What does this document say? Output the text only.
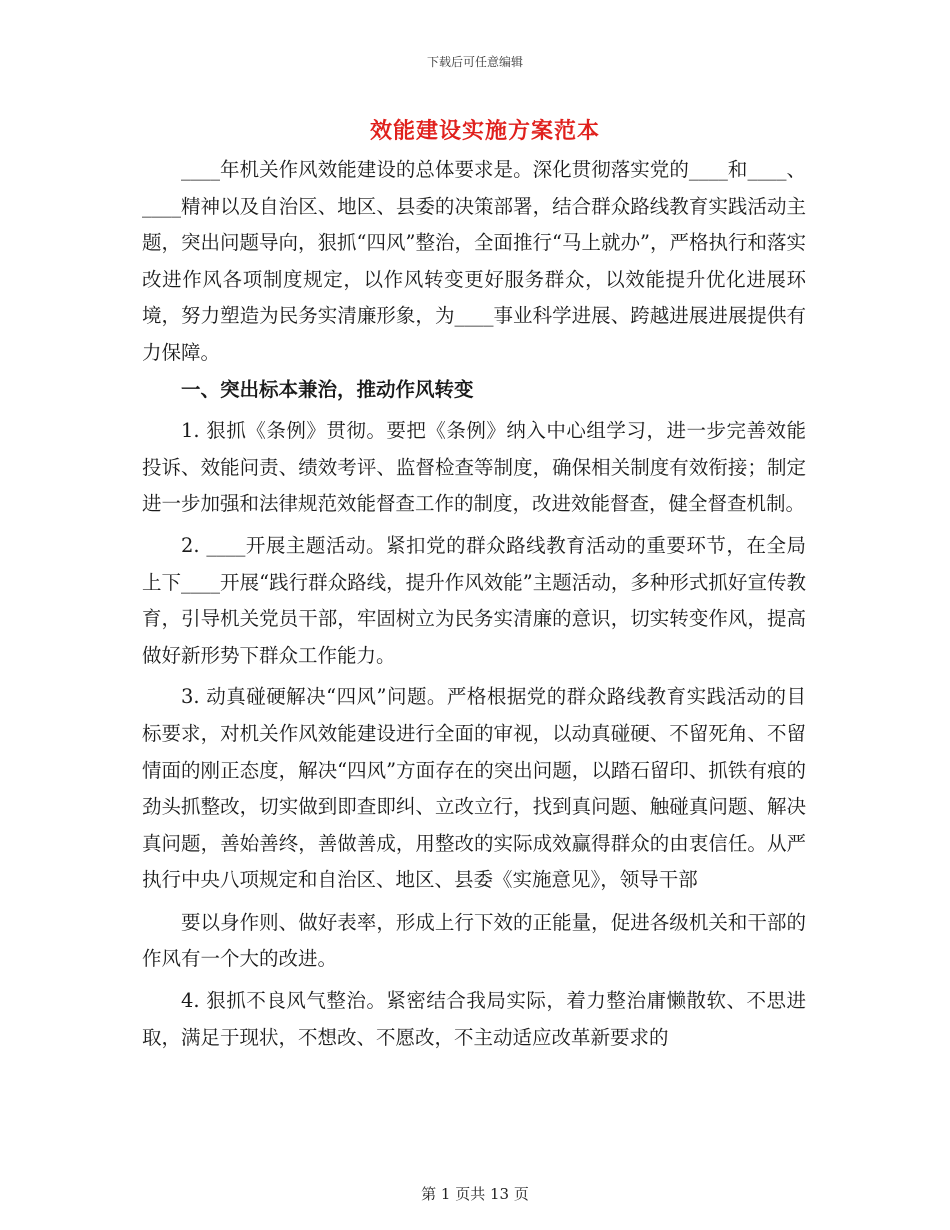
下载后可任意编辑
效能建设实施方案范本

____年机关作风效能建设的总体要求是。深化贯彻落实党的____和____、____精神以及自治区、地区、县委的决策部署，结合群众路线教育实践活动主题，突出问题导向，狠抓“四风”整治，全面推行“马上就办”，严格执行和落实改进作风各项制度规定，以作风转变更好服务群众，以效能提升优化进展环境，努力塑造为民务实清廉形象，为____事业科学进展、跨越进展进展提供有力保障。

一、突出标本兼治，推动作风转变

1. 狠抓《条例》贯彻。要把《条例》纳入中心组学习，进一步完善效能投诉、效能问责、绩效考评、监督检查等制度，确保相关制度有效衔接；制定进一步加强和法律规范效能督查工作的制度，改进效能督查，健全督查机制。

2. ____开展主题活动。紧扣党的群众路线教育活动的重要环节，在全局上下____开展“践行群众路线，提升作风效能”主题活动，多种形式抓好宣传教育，引导机关党员干部，牢固树立为民务实清廉的意识，切实转变作风，提高做好新形势下群众工作能力。

3. 动真碰硬解决“四风”问题。严格根据党的群众路线教育实践活动的目标要求，对机关作风效能建设进行全面的审视，以动真碰硬、不留死角、不留情面的刚正态度，解决“四风”方面存在的突出问题，以踏石留印、抓铁有痕的劲头抓整改，切实做到即查即纠、立改立行，找到真问题、触碰真问题、解决真问题，善始善终，善做善成，用整改的实际成效赢得群众的由衷信任。从严执行中央八项规定和自治区、地区、县委《实施意见》，领导干部

要以身作则、做好表率，形成上行下效的正能量，促进各级机关和干部的作风有一个大的改进。

4. 狠抓不良风气整治。紧密结合我局实际，着力整治庸懒散软、不思进取，满足于现状，不想改、不愿改，不主动适应改革新要求的

第 1 页共 13 页
